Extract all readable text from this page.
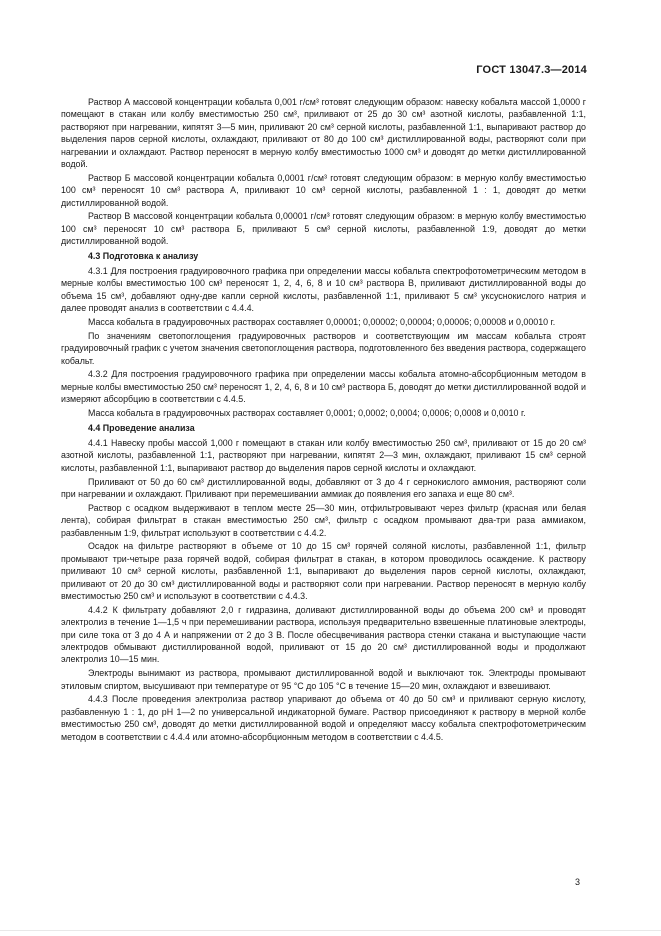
ГОСТ 13047.3—2014

Раствор А массовой концентрации кобальта 0,001 г/см³ готовят следующим образом: навеску кобальта массой 1,0000 г помещают в стакан или колбу вместимостью 250 см³, приливают от 25 до 30 см³ азотной кислоты, разбавленной 1:1, растворяют при нагревании, кипятят 3—5 мин, приливают 20 см³ серной кислоты, разбавленной 1:1, выпаривают раствор до выделения паров серной кислоты, охлаждают, приливают от 80 до 100 см³ дистиллированной воды, растворяют соли при нагревании и охлаждают. Раствор переносят в мерную колбу вместимостью 1000 см³ и доводят до метки дистиллированной водой.

Раствор Б массовой концентрации кобальта 0,0001 г/см³ готовят следующим образом: в мерную колбу вместимостью 100 см³ переносят 10 см³ раствора А, приливают 10 см³ серной кислоты, разбавленной 1 : 1, доводят до метки дистиллированной водой.

Раствор В массовой концентрации кобальта 0,00001 г/см³ готовят следующим образом: в мерную колбу вместимостью 100 см³ переносят 10 см³ раствора Б, приливают 5 см³ серной кислоты, разбавленной 1:9, доводят до метки дистиллированной водой.

4.3 Подготовка к анализу

4.3.1 Для построения градуировочного графика при определении массы кобальта спектрофотометрическим методом в мерные колбы вместимостью 100 см³ переносят 1, 2, 4, 6, 8 и 10 см³ раствора В, приливают дистиллированной воды до объема 15 см³, добавляют одну-две капли серной кислоты, разбавленной 1:1, приливают 5 см³ уксуснокислого натрия и далее проводят анализ в соответствии с 4.4.4.

Масса кобальта в градуировочных растворах составляет 0,00001; 0,00002; 0,00004; 0,00006; 0,00008 и 0,00010 г.

По значениям светопоглощения градуировочных растворов и соответствующим им массам кобальта строят градуировочный график с учетом значения светопоглощения раствора, подготовленного без введения раствора, содержащего кобальт.

4.3.2 Для построения градуировочного графика при определении массы кобальта атомно-абсорбционным методом в мерные колбы вместимостью 250 см³ переносят 1, 2, 4, 6, 8 и 10 см³ раствора Б, доводят до метки дистиллированной водой и измеряют абсорбцию в соответствии с 4.4.5.

Масса кобальта в градуировочных растворах составляет 0,0001; 0,0002; 0,0004; 0,0006; 0,0008 и 0,0010 г.

4.4 Проведение анализа

4.4.1 Навеску пробы массой 1,000 г помещают в стакан или колбу вместимостью 250 см³, приливают от 15 до 20 см³ азотной кислоты, разбавленной 1:1, растворяют при нагревании, кипятят 2—3 мин, охлаждают, приливают 15 см³ серной кислоты, разбавленной 1:1, выпаривают раствор до выделения паров серной кислоты и охлаждают.

Приливают от 50 до 60 см³ дистиллированной воды, добавляют от 3 до 4 г сернокислого аммония, растворяют соли при нагревании и охлаждают. Приливают при перемешивании аммиак до появления его запаха и еще 80 см³.

Раствор с осадком выдерживают в теплом месте 25—30 мин, отфильтровывают через фильтр (красная или белая лента), собирая фильтрат в стакан вместимостью 250 см³, фильтр с осадком промывают два-три раза аммиаком, разбавленным 1:9, фильтрат используют в соответствии с 4.4.2.

Осадок на фильтре растворяют в объеме от 10 до 15 см³ горячей соляной кислоты, разбавленной 1:1, фильтр промывают три-четыре раза горячей водой, собирая фильтрат в стакан, в котором проводилось осаждение. К раствору приливают 10 см³ серной кислоты, разбавленной 1:1, выпаривают до выделения паров серной кислоты, охлаждают, приливают от 20 до 30 см³ дистиллированной воды и растворяют соли при нагревании. Раствор переносят в мерную колбу вместимостью 250 см³ и используют в соответствии с 4.4.3.

4.4.2 К фильтрату добавляют 2,0 г гидразина, доливают дистиллированной воды до объема 200 см³ и проводят электролиз в течение 1—1,5 ч при перемешивании раствора, используя предварительно взвешенные платиновые электроды, при силе тока от 3 до 4 А и напряжении от 2 до 3 В. После обесцвечивания раствора стенки стакана и выступающие части электродов обмывают дистиллированной водой, приливают от 15 до 20 см³ дистиллированной воды и продолжают электролиз 10—15 мин.

Электроды вынимают из раствора, промывают дистиллированной водой и выключают ток. Электроды промывают этиловым спиртом, высушивают при температуре от 95 °С до 105 °С в течение 15—20 мин, охлаждают и взвешивают.

4.4.3 После проведения электролиза раствор упаривают до объема от 40 до 50 см³ и приливают серную кислоту, разбавленную 1 : 1, до рН 1—2 по универсальной индикаторной бумаге. Раствор присоединяют к раствору в мерной колбе вместимостью 250 см³, доводят до метки дистиллированной водой и определяют массу кобальта спектрофотометрическим методом в соответствии с 4.4.4 или атомно-абсорбционным методом в соответствии с 4.4.5.

3
